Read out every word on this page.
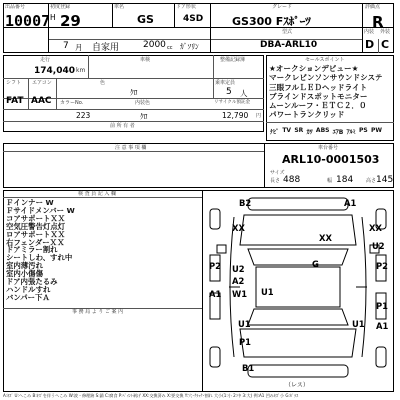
出品番号
10007
初度登録
H 29
車名
GS
ドア形状
4SD
グレード
GS300 Fｽﾎﾟｰﾂ
評価点
R
7 月 自家用	2000 cc ｶﾞｿﾘﾝ
型式
DBA-ARL10
内装 外装
D C
走行
174,040 km
車検	整備記録簿
シフト
FAT
エアコン
AAC
色
ｸﾛ
乗車定員
5 人
カラーNo.	内装色	リサイクル預託金
223	ｸﾛ	12,790 円
前 所 有 者
セールスポイント
★オークションデビュー★
マークレビンソンサウンドシステ
三眼フルＬＥＤヘッドライト
ブラインドスポットモニター
ムーンルーフ・ＥＴＣ２．０
パワートランクリッド
ﾅﾋﾞ TV SR ｶﾜ ABS ｴｱB ｱﾙﾐ PS PW
注 意 事 項 欄	車台番号
ARL10-0001503
サイズ
長さ 488	幅 184	高さ 145
検 査 員 記 入 欄
Ｆインナー W
Ｆサイドメンバー W
コアサポートＸＸ
空気圧警告灯点灯
ロアサポートＸＸ
右フェンダーＸＸ
ドアミラー割れ
シートしわ、すれ中
室内薄汚れ
室内小傷傷
ドア内張たるみ
ハンドルすれ
バンパー下Ａ
事 務 局 よ り ご 案 内
B2	A1
XX
XX
XX
U2
P2 U2
A2
G	P2
W1
A1	U1
P1
U1	U1 A1
P1
B1
（レス）
A:ｷｽﾞ U:へこみ B:ｷｽﾞを伴うへこみ W:波・修理跡 S:錆 C:腐食 P:ﾍﾟｲﾝﾄ剥げ XX:交換済み X:要交換 Y:穴･ｸﾗｯｸ･割れ 大小(1:小 2:中 3:大) 例:A1 凹みｷｽﾞ小 G:ｶﾞﾗｽ
